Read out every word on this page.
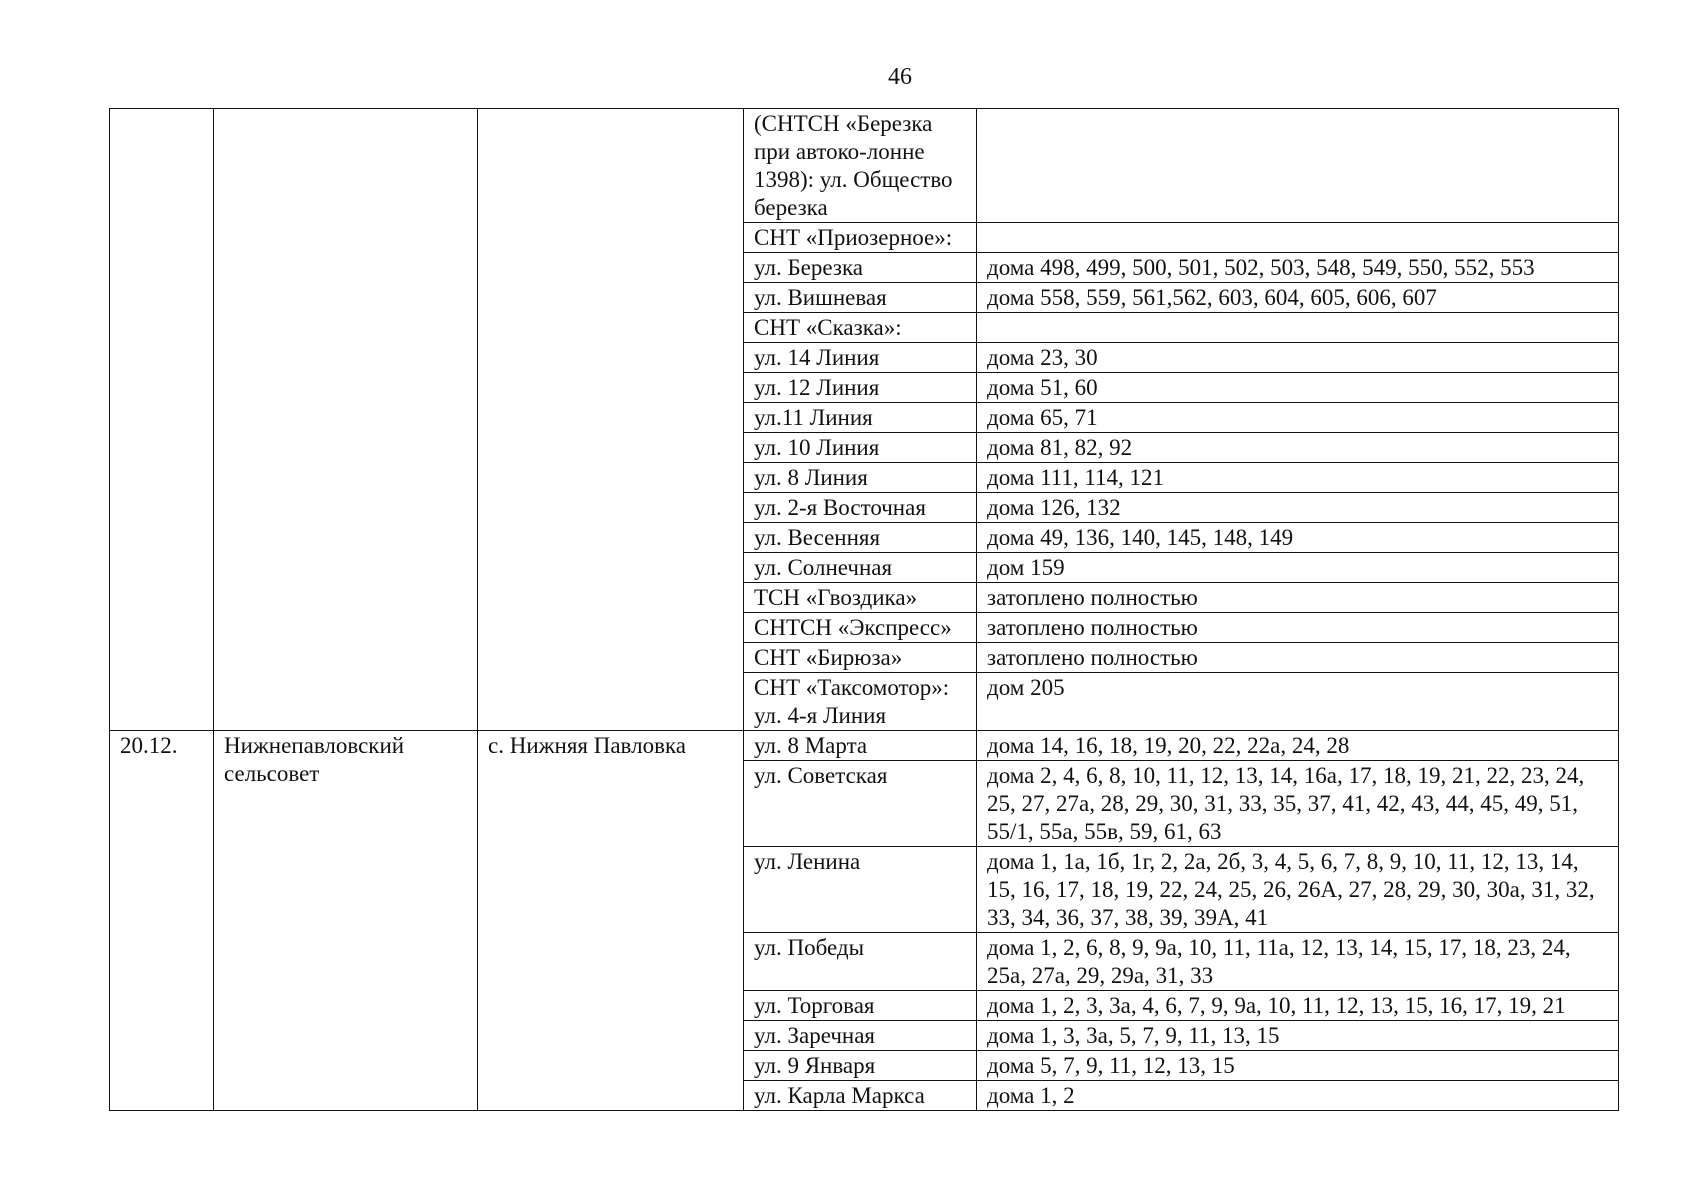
46
			(СНТСН «Березка при автоко-лонне 1398): ул. Общество березка	
			СНТ «Приозерное»:	
			ул. Березка	дома 498, 499, 500, 501, 502, 503, 548, 549, 550, 552, 553
			ул. Вишневая	дома 558, 559, 561,562, 603, 604, 605, 606, 607
			СНТ «Сказка»:	
			ул. 14 Линия	дома 23, 30
			ул. 12 Линия	дома 51, 60
			ул.11 Линия	дома 65, 71
			ул. 10 Линия	дома 81, 82, 92
			ул. 8 Линия	дома 111, 114, 121
			ул. 2-я Восточная	дома 126, 132
			ул. Весенняя	дома 49, 136, 140, 145, 148, 149
			ул. Солнечная	дом 159
			ТСН «Гвоздика»	затоплено полностью
			СНТСН «Экспресс»	затоплено полностью
			СНТ «Бирюза»	затоплено полностью
			СНТ «Таксомотор»: ул. 4-я Линия	дом 205
20.12.	Нижнепавловский сельсовет	с. Нижняя Павловка	ул. 8 Марта	дома 14, 16, 18, 19, 20, 22, 22а, 24, 28
			ул. Советская	дома 2, 4, 6, 8, 10, 11, 12, 13, 14, 16а, 17, 18, 19, 21, 22, 23, 24, 25, 27, 27а, 28, 29, 30, 31, 33, 35, 37, 41, 42, 43, 44, 45, 49, 51, 55/1, 55а, 55в, 59, 61, 63
			ул. Ленина	дома 1, 1а, 1б, 1г, 2, 2а, 2б, 3, 4, 5, 6, 7, 8, 9, 10, 11, 12, 13, 14, 15, 16, 17, 18, 19, 22, 24, 25, 26, 26А, 27, 28, 29, 30, 30а, 31, 32, 33, 34, 36, 37, 38, 39, 39А, 41
			ул. Победы	дома 1, 2, 6, 8, 9, 9а, 10, 11, 11а, 12, 13, 14, 15, 17, 18, 23, 24, 25а, 27а, 29, 29а, 31, 33
			ул. Торговая	дома 1, 2, 3, 3а, 4, 6, 7, 9, 9а, 10, 11, 12, 13, 15, 16, 17, 19, 21
			ул. Заречная	дома 1, 3, 3а, 5, 7, 9, 11, 13, 15
			ул. 9 Января	дома 5, 7, 9, 11, 12, 13, 15
			ул. Карла Маркса	дома 1, 2
